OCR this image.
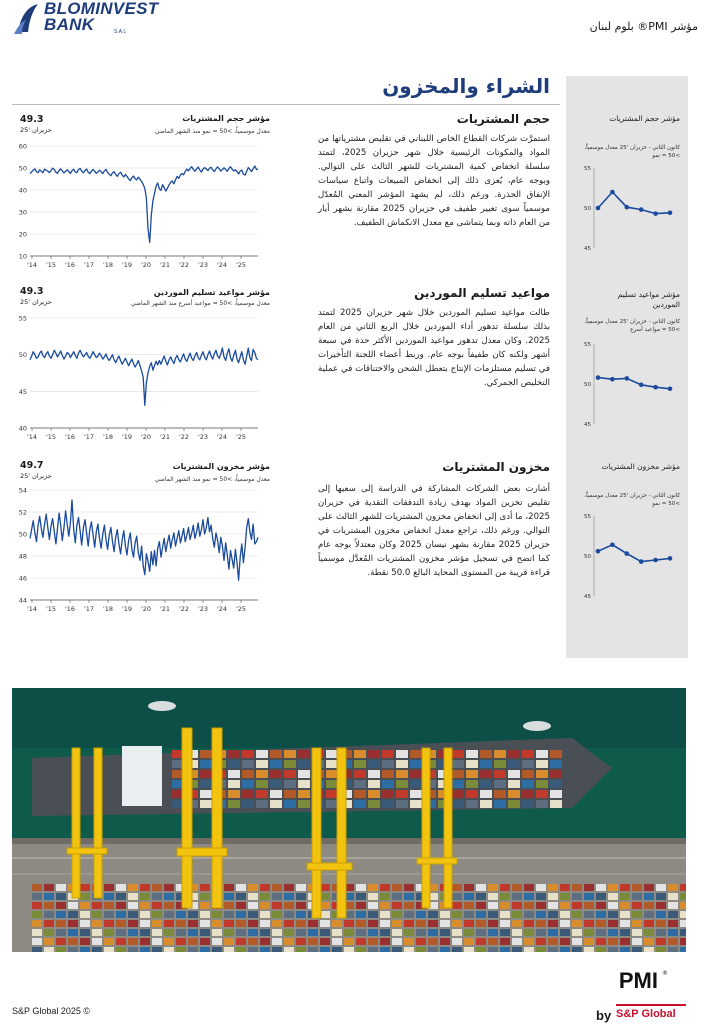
BLOMINVEST
BANK	S.A.L	مؤشر PMI® بلوم لبنان
الشراء والمخزون
حجم المشتريات
استمرَّت شركات القطاع الخاص اللبناني في تقليص مشترياتها من المواد والمكونات الرئيسية خلال شهر حزيران 2025، لتمتد سلسلة انخفاض كمية المشتريات للشهر الثالث على التوالي. وبوجه عام، يُعزى ذلك إلى انخفاض المبيعات واتباع سياسات الإنفاق الحذرة. ورغم ذلك، لم يشهد المؤشر المعني المُعدّل موسمياً سوى تغيير طفيف في حزيران 2025 مقارنة بشهر أيار من العام ذاته وبما يتماشى مع معدل الانكماش الطفيف.
مؤشر حجم المشتريات
معدل موسمياً، >50 = نمو منذ الشهر الماضي
49.3
حزيران '25
10
20
30
40
50
60
'14 '15 '16 '17 '18 '19 '20 '21 '22 '23 '24 '25
مؤشر حجم المشتريات
كانون الثاني - حزيران '25 معدل موسمياً، >50 = نمو
45
50
55
مواعيد تسليم الموردين
طالت مواعيد تسليم الموردين خلال شهر حزيران 2025 لتمتد بذلك سلسلة تدهور أداء الموردين خلال الربع الثاني من العام 2025. وكان معدل تدهور مواعيد الموردين الأكثر حدة في سبعة أشهر ولكنه كان طفيفاً بوجه عام. وربط أعضاء اللجنة التأخيرات في تسليم مستلزمات الإنتاج بتعطل الشحن والاختناقات في عملية التخليص الجمركي.
مؤشر مواعيد تسليم الموردين
معدل موسمياً، >50 = مواعيد أسرع منذ الشهر الماضي
49.3
حزيران '25
40
45
50
55
'14 '15 '16 '17 '18 '19 '20 '21 '22 '23 '24 '25
مؤشر مواعيد تسليم الموردين
كانون الثاني - حزيران '25 معدل موسمياً، >50 = مواعيد أسرع
45
50
55
مخزون المشتريات
أشارت بعض الشركات المشاركة في الدراسة إلى سعيها إلى تقليص تخزين المواد بهدف زيادة التدفقات النقدية في حزيران 2025، ما أدى إلى انخفاض مخزون المشتريات للشهر الثالث على التوالي. ورغم ذلك، تراجع معدل انخفاض مخزون المشتريات في حزيران 2025 مقارنة بشهر نيسان 2025 وكان معتدلاً بوجه عام كما اتضح في تسجيل مؤشر مخزون المشتريات المُعدَّل موسمياً قراءة قريبة من المستوى المحايد البالغ 50.0 نقطة.
مؤشر مخزون المشتريات
معدل موسمياً، >50 = نمو منذ الشهر الماضي
49.7
حزيران '25
44
46
48
50
52
54
'14 '15 '16 '17 '18 '19 '20 '21 '22 '23 '24 '25
مؤشر مخزون المشتريات
كانون الثاني - حزيران '25 معدل موسمياً، >50 = نمو
45
50
55
S&P Global 2025 ©
PMI ®
by S&P Global
